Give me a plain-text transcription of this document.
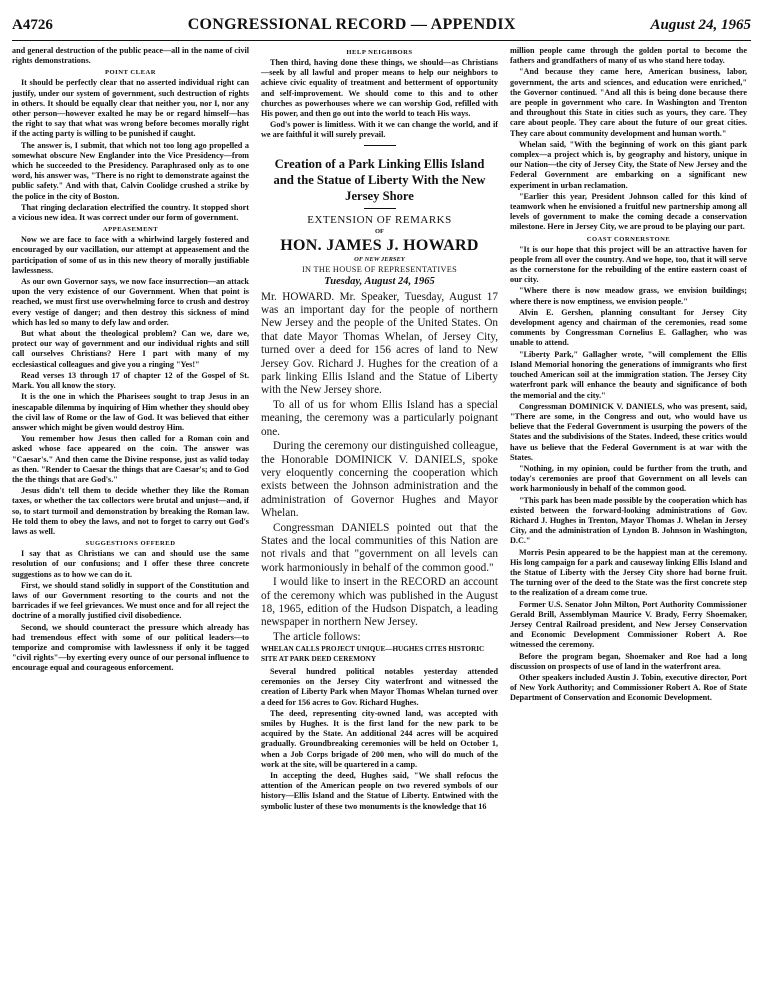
A4726	CONGRESSIONAL RECORD — APPENDIX	August 24, 1965

and general destruction of the public peace—all in the name of civil rights demonstrations.

POINT CLEAR

It should be perfectly clear that no asserted individual right can justify, under our system of government, such destruction of rights in others. It should be equally clear that neither you, nor I, nor any other person—however exalted he may be or regard himself—has the right to say that what was wrong before becomes morally right if the acting party is willing to be punished if caught.

The answer is, I submit, that which not too long ago propelled a somewhat obscure New Englander into the Vice Presidency—from which he succeeded to the Presidency. Paraphrased only as to one word, his answer was, "There is no right to demonstrate against the public safety." And with that, Calvin Coolidge crushed a strike by the police in the city of Boston.

That ringing declaration electrified the country. It stopped short a vicious new idea. It was correct under our form of government.

APPEASEMENT

Now we are face to face with a whirlwind largely fostered and encouraged by our vacillation, our attempt at appeasement and the participation of some of us in this new theory of morally justifiable lawlessness.

As our own Governor says, we now face insurrection—an attack upon the very existence of our Government. When that point is reached, we must first use overwhelming force to crush and destroy every vestige of danger; and then destroy this sickness of mind which has led so many to defy law and order.

But what about the theological problem? Can we, dare we, protect our way of government and our individual rights and still call ourselves Christians? Here I part with many of my ecclesiastical colleagues and give you a ringing "Yes!"

Read verses 13 through 17 of chapter 12 of the Gospel of St. Mark. You all know the story.

It is the one in which the Pharisees sought to trap Jesus in an inescapable dilemma by inquiring of Him whether they should obey the civil law of Rome or the law of God. It was believed that either answer which might be given would destroy Him.

You remember how Jesus then called for a Roman coin and asked whose face appeared on the coin. The answer was "Caesar's." And then came the Divine response, just as valid today as then. "Render to Caesar the things that are Caesar's; and to God the the things that are God's."

Jesus didn't tell them to decide whether they like the Roman taxes, or whether the tax collectors were brutal and unjust—and, if so, to start turmoil and demonstration by breaking the Roman law. He told them to obey the laws, and not to forget to carry out God's laws as well.

SUGGESTIONS OFFERED

I say that as Christians we can and should use the same resolution of our confusions; and I offer these three concrete suggestions as to how we can do it.

First, we should stand solidly in support of the Constitution and laws of our Government resorting to the courts and not the barricades if we feel grievances. We must once and for all reject the doctrine of a morally justified civil disobedience.

Second, we should counteract the pressure which already has had tremendous effect with some of our political leaders—to temporize and compromise with lawlessness if only it be tagged "civil rights"—by exerting every ounce of our personal influence to encourage equal and courageous enforcement.

HELP NEIGHBORS

Then third, having done these things, we should—as Christians—seek by all lawful and proper means to help our neighbors to achieve civic equality of treatment and betterment of opportunity and self-improvement. We should come to this and to other churches as powerhouses where we can worship God, refilled with His power, and then go out into the world to teach His ways.

God's power is limitless. With it we can change the world, and if we are faithful it will surely prevail.

Creation of a Park Linking Ellis Island and the Statue of Liberty With the New Jersey Shore
EXTENSION OF REMARKS
OF
HON. JAMES J. HOWARD
OF NEW JERSEY
IN THE HOUSE OF REPRESENTATIVES
Tuesday, August 24, 1965

Mr. HOWARD. Mr. Speaker, Tuesday, August 17 was an important day for the people of northern New Jersey and the people of the United States. On that date Mayor Thomas Whelan, of Jersey City, turned over a deed for 156 acres of land to New Jersey Gov. Richard J. Hughes for the creation of a park linking Ellis Island and the Statue of Liberty with the New Jersey shore.

To all of us for whom Ellis Island has a special meaning, the ceremony was a particularly poignant one.

During the ceremony our distinguished colleague, the Honorable DOMINICK V. DANIELS, spoke very eloquently concerning the cooperation which exists between the Johnson administration and the administration of Governor Hughes and Mayor Whelan.

Congressman DANIELS pointed out that the States and the local communities of this Nation are not rivals and that "government on all levels can work harmoniously in behalf of the common good."

I would like to insert in the RECORD an account of the ceremony which was published in the August 18, 1965, edition of the Hudson Dispatch, a leading newspaper in northern New Jersey.

The article follows:

WHELAN CALLS PROJECT UNIQUE—HUGHES CITES HISTORIC SITE AT PARK DEED CEREMONY

Several hundred political notables yesterday attended ceremonies on the Jersey City waterfront and witnessed the creation of Liberty Park when Mayor Thomas Whelan turned over a deed for 156 acres to Gov. Richard Hughes.

The deed, representing city-owned land, was accepted with smiles by Hughes. It is the first land for the new park to be acquired by the State. An additional 244 acres will be acquired gradually. Groundbreaking ceremonies will be held on October 1, when a Job Corps brigade of 200 men, who will do much of the work at the site, will be quartered in a camp.

In accepting the deed, Hughes said, "We shall refocus the attention of the American people on two revered symbols of our history—Ellis Island and the Statue of Liberty. Entwined with the symbolic luster of these two monuments is the knowledge that 16

million people came through the golden portal to become the fathers and grandfathers of many of us who stand here today.

"And because they came here, American business, labor, government, the arts and sciences, and education were enriched," the Governor continued. "And all this is being done because there are people in government who care. In Washington and Trenton and throughout this State in cities such as yours, they care. They care about people. They care about the future of our great cities. They care about community development and human worth."

Whelan said, "With the beginning of work on this giant park complex—a project which is, by geography and history, unique in our Nation—the city of Jersey City, the State of New Jersey and the Federal Government are embarking on a significant new experiment in urban reclamation.

"Earlier this year, President Johnson called for this kind of teamwork when he envisioned a fruitful new partnership among all levels of government to make the coming decade a conservation milestone. Here in Jersey City, we are proud to be playing our part.

COAST CORNERSTONE

"It is our hope that this project will be an attractive haven for people from all over the country. And we hope, too, that it will serve as the cornerstone for the rebuilding of the entire eastern coast of our city.

"Where there is now meadow grass, we envision buildings; where there is now emptiness, we envision people."

Alvin E. Gershen, planning consultant for Jersey City development agency and chairman of the ceremonies, read some comments by Congressman Cornelius E. Gallagher, who was unable to attend.

"Liberty Park," Gallagher wrote, "will complement the Ellis Island Memorial honoring the generations of immigrants who first touched American soil at the immigration station. The Jersey City waterfront park will enhance the beauty and significance of both the memorial and the city."

Congressman DOMINICK V. DANIELS, who was present, said, "There are some, in the Congress and out, who would have us believe that the Federal Government is usurping the powers of the States and the subdivisions of the States. Indeed, these critics would have us believe that the Federal Government is at war with the States.

"Nothing, in my opinion, could be further from the truth, and today's ceremonies are proof that Government on all levels can work harmoniously in behalf of the common good.

"This park has been made possible by the cooperation which has existed between the forward-looking administrations of Gov. Richard J. Hughes in Trenton, Mayor Thomas J. Whelan in Jersey City, and the administration of Lyndon B. Johnson in Washington, D.C."

Morris Pesin appeared to be the happiest man at the ceremony. His long campaign for a park and causeway linking Ellis Island and the Statue of Liberty with the Jersey City shore had borne fruit. The turning over of the deed to the State was the first concrete step to the realization of a dream come true.

Former U.S. Senator John Milton, Port Authority Commissioner Gerald Brill, Assemblyman Maurice V. Brady, Ferry Shoemaker, Jersey Central Railroad president, and New Jersey Conservation and Economic Development Commissioner Robert A. Roe witnessed the ceremony.

Before the program began, Shoemaker and Roe had a long discussion on prospects of use of land in the waterfront area.

Other speakers included Austin J. Tobin, executive director, Port of New York Authority; and Commissioner Robert A. Roe of State Department of Conservation and Economic Development.
